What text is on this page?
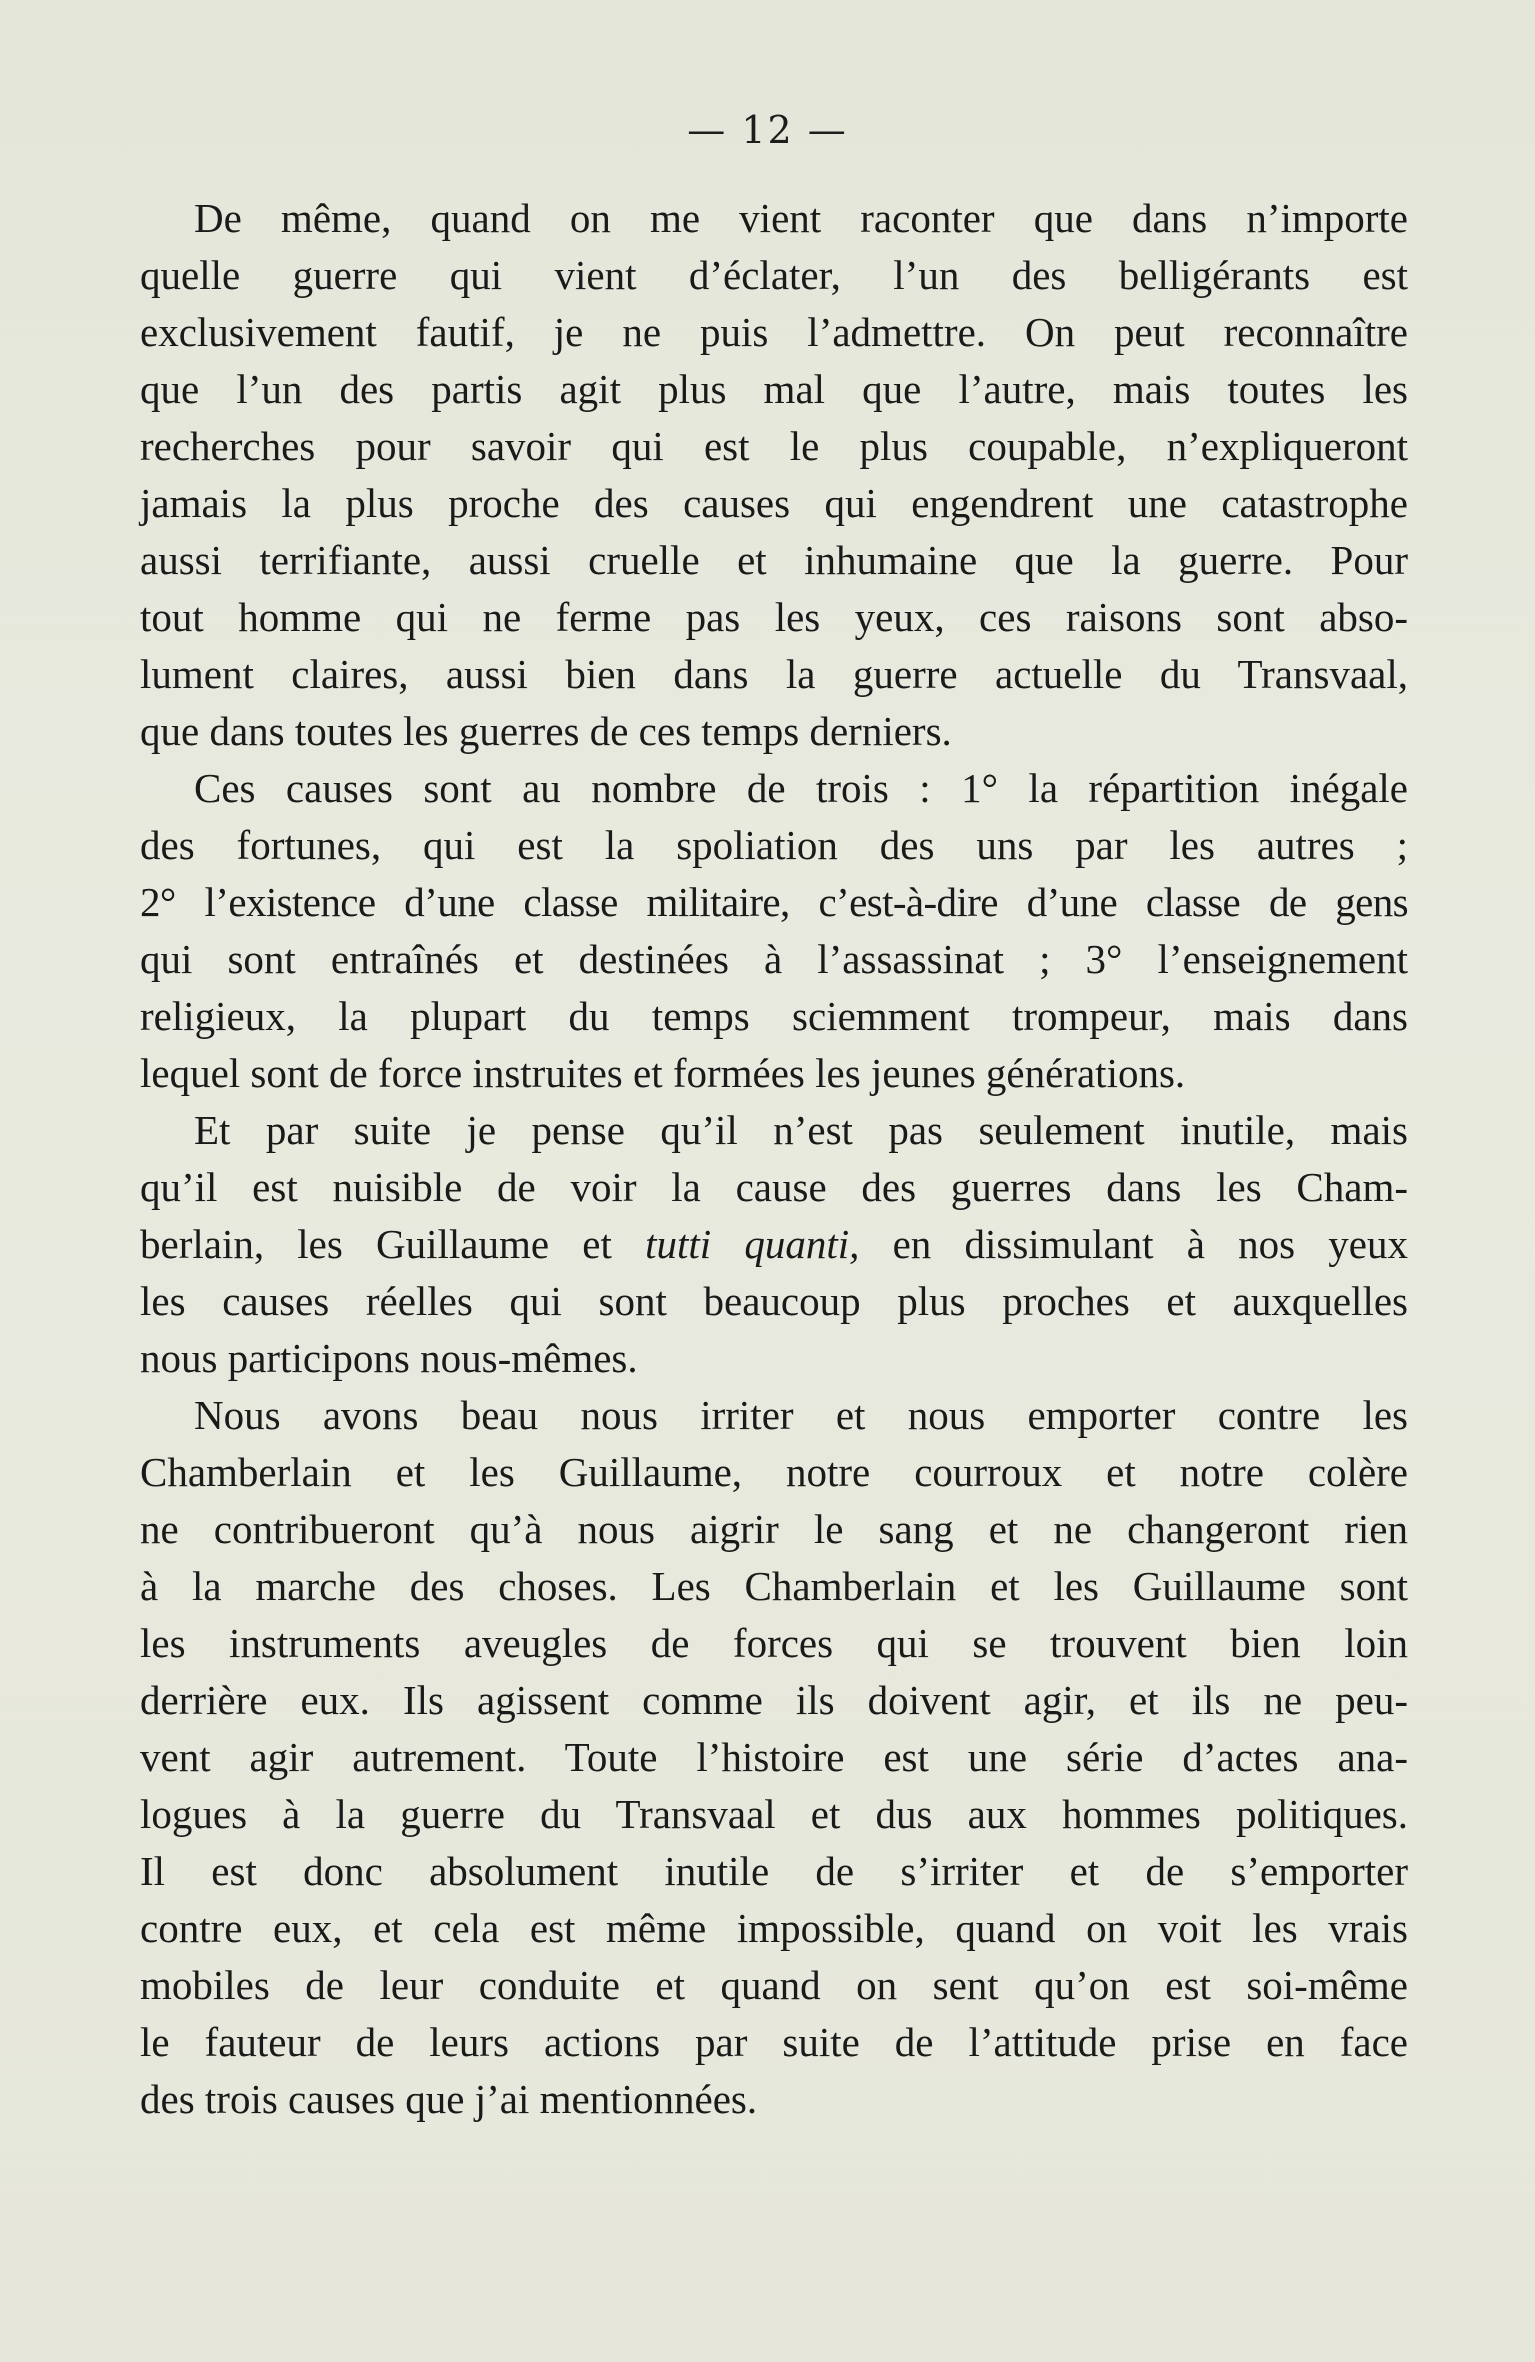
— 12 —
De même, quand on me vient raconter que dans n’importe
quelle guerre qui vient d’éclater, l’un des belligérants est
exclusivement fautif, je ne puis l’admettre. On peut reconnaître
que l’un des partis agit plus mal que l’autre, mais toutes les
recherches pour savoir qui est le plus coupable, n’expliqueront
jamais la plus proche des causes qui engendrent une catastrophe
aussi terrifiante, aussi cruelle et inhumaine que la guerre. Pour
tout homme qui ne ferme pas les yeux, ces raisons sont abso-
lument claires, aussi bien dans la guerre actuelle du Transvaal,
que dans toutes les guerres de ces temps derniers.
Ces causes sont au nombre de trois : 1° la répartition inégale
des fortunes, qui est la spoliation des uns par les autres ;
2° l’existence d’une classe militaire, c’est-à-dire d’une classe de gens
qui sont entraînés et destinées à l’assassinat ; 3° l’enseignement
religieux, la plupart du temps sciemment trompeur, mais dans
lequel sont de force instruites et formées les jeunes générations.
Et par suite je pense qu’il n’est pas seulement inutile, mais
qu’il est nuisible de voir la cause des guerres dans les Cham-
berlain, les Guillaume et tutti quanti, en dissimulant à nos yeux
les causes réelles qui sont beaucoup plus proches et auxquelles
nous participons nous-mêmes.
Nous avons beau nous irriter et nous emporter contre les
Chamberlain et les Guillaume, notre courroux et notre colère
ne contribueront qu’à nous aigrir le sang et ne changeront rien
à la marche des choses. Les Chamberlain et les Guillaume sont
les instruments aveugles de forces qui se trouvent bien loin
derrière eux. Ils agissent comme ils doivent agir, et ils ne peu-
vent agir autrement. Toute l’histoire est une série d’actes ana-
logues à la guerre du Transvaal et dus aux hommes politiques.
Il est donc absolument inutile de s’irriter et de s’emporter
contre eux, et cela est même impossible, quand on voit les vrais
mobiles de leur conduite et quand on sent qu’on est soi-même
le fauteur de leurs actions par suite de l’attitude prise en face
des trois causes que j’ai mentionnées.
